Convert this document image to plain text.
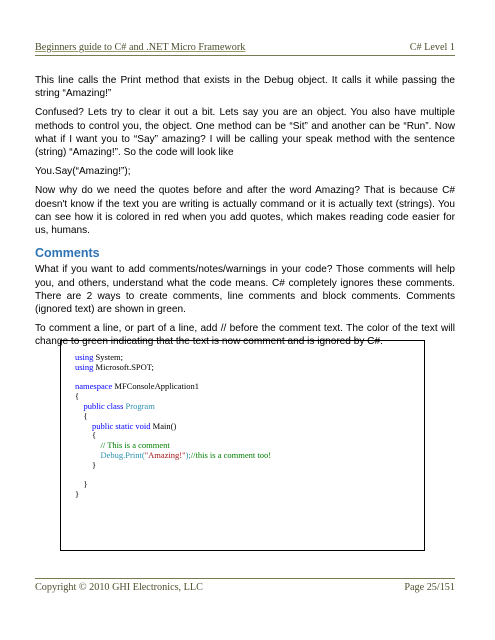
Beginners guide to C# and .NET Micro Framework	C# Level 1

This line calls the Print method that exists in the Debug object. It calls it while passing the string “Amazing!”

Confused? Lets try to clear it out a bit. Lets say you are an object. You also have multiple methods to control you, the object. One method can be “Sit” and another can be “Run”. Now what if I want you to “Say” amazing? I will be calling your speak method with the sentence (string) “Amazing!”. So the code will look like

You.Say(“Amazing!”);

Now why do we need the quotes before and after the word Amazing? That is because C# doesn't know if the text you are writing is actually command or it is actually text (strings). You can see how it is colored in red when you add quotes, which makes reading code easier for us, humans.

Comments

What if you want to add comments/notes/warnings in your code? Those comments will help you, and others, understand what the code means. C# completely ignores these comments. There are 2 ways to create comments, line comments and block comments. Comments (ignored text) are shown in green.

To comment a line, or part of a line, add // before the comment text. The color of the text will change to green indicating that the text is now comment and is ignored by C#.

using System;
using Microsoft.SPOT;
namespace MFConsoleApplication1
{
public class Program
{
public static void Main()
{
// This is a comment
Debug.Print("Amazing!");//this is a comment too!
}
}
}
Copyright © 2010 GHI Electronics, LLC	Page 25/151
